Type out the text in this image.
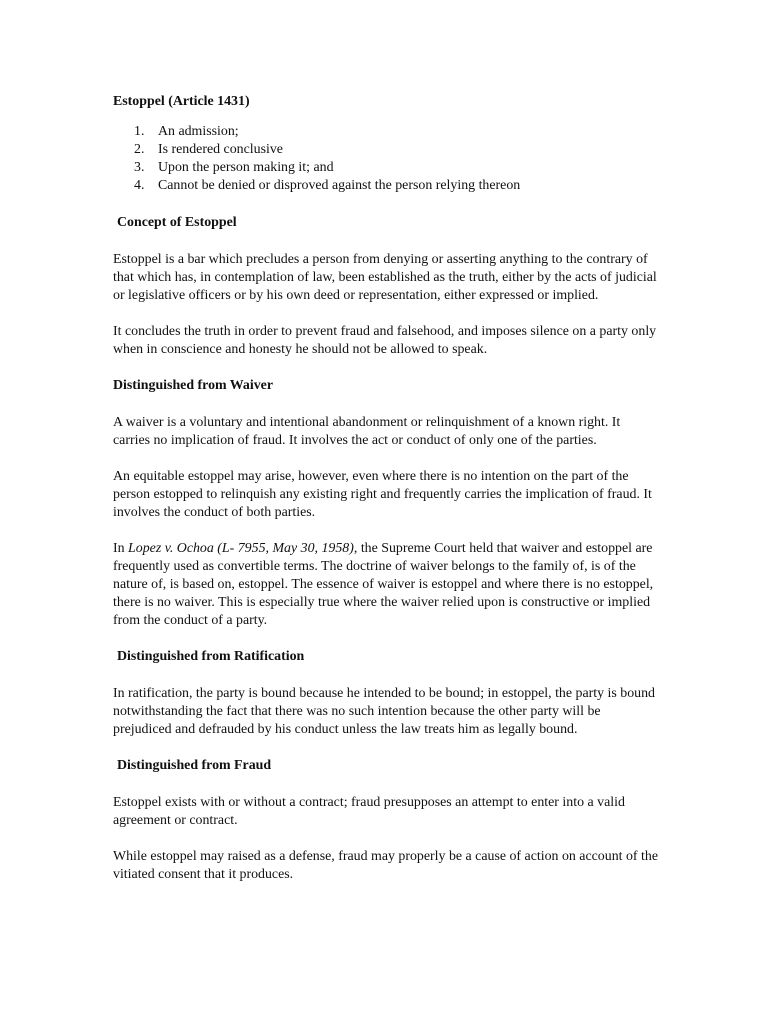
Estoppel (Article 1431)
An admission;
Is rendered conclusive
Upon the person making it; and
Cannot be denied or disproved against the person relying thereon
Concept of Estoppel

Estoppel is a bar which precludes a person from denying or asserting anything to the contrary of that which has, in contemplation of law, been established as the truth, either by the acts of judicial or legislative officers or by his own deed or representation, either expressed or implied.

It concludes the truth in order to prevent fraud and falsehood, and imposes silence on a party only when in conscience and honesty he should not be allowed to speak.

Distinguished from Waiver

A waiver is a voluntary and intentional abandonment or relinquishment of a known right. It carries no implication of fraud. It involves the act or conduct of only one of the parties.

An equitable estoppel may arise, however, even where there is no intention on the part of the person estopped to relinquish any existing right and frequently carries the implication of fraud. It involves the conduct of both parties.

In Lopez v. Ochoa (L- 7955, May 30, 1958), the Supreme Court held that waiver and estoppel are frequently used as convertible terms. The doctrine of waiver belongs to the family of, is of the nature of, is based on, estoppel. The essence of waiver is estoppel and where there is no estoppel, there is no waiver. This is especially true where the waiver relied upon is constructive or implied from the conduct of a party.

Distinguished from Ratification

In ratification, the party is bound because he intended to be bound; in estoppel, the party is bound notwithstanding the fact that there was no such intention because the other party will be prejudiced and defrauded by his conduct unless the law treats him as legally bound.

Distinguished from Fraud

Estoppel exists with or without a contract; fraud presupposes an attempt to enter into a valid agreement or contract.

While estoppel may raised as a defense, fraud may properly be a cause of action on account of the vitiated consent that it produces.
